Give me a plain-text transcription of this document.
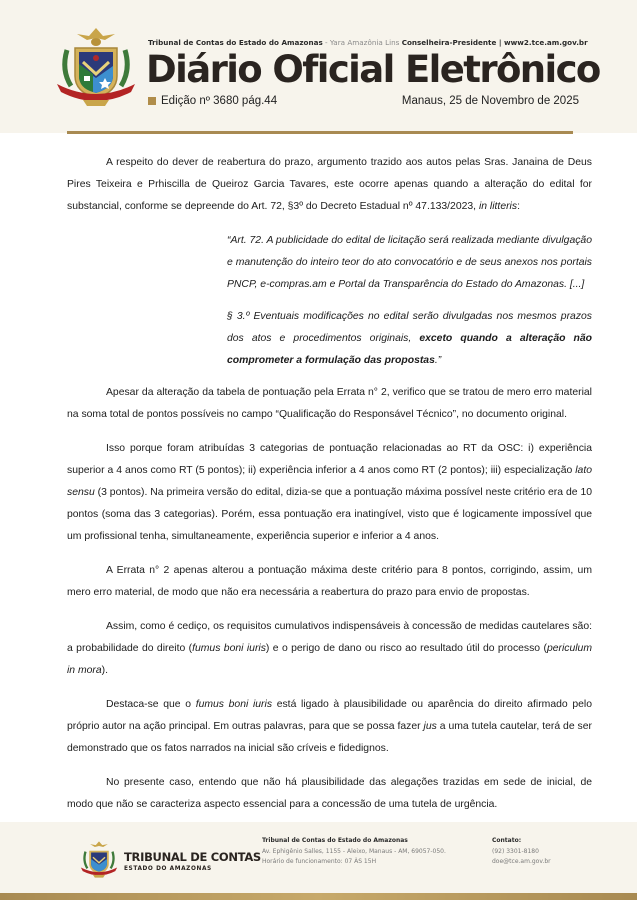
Tribunal de Contas do Estado do Amazonas - Yara Amazônia Lins Conselheira-Presidente | www2.tce.am.gov.br
Diário Oficial Eletrônico
Edição nº 3680 pág.44	Manaus, 25 de Novembro de 2025

A respeito do dever de reabertura do prazo, argumento trazido aos autos pelas Sras. Janaina de Deus Pires Teixeira e Prhiscilla de Queiroz Garcia Tavares, este ocorre apenas quando a alteração do edital for substancial, conforme se depreende do Art. 72, §3º do Decreto Estadual nº 47.133/2023, in litteris:

“Art. 72. A publicidade do edital de licitação será realizada mediante divulgação e manutenção do inteiro teor do ato convocatório e de seus anexos nos portais PNCP, e-compras.am e Portal da Transparência do Estado do Amazonas. [...]

§ 3.º Eventuais modificações no edital serão divulgadas nos mesmos prazos dos atos e procedimentos originais, exceto quando a alteração não comprometer a formulação das propostas.”

Apesar da alteração da tabela de pontuação pela Errata n° 2, verifico que se tratou de mero erro material na soma total de pontos possíveis no campo “Qualificação do Responsável Técnico”, no documento original.

Isso porque foram atribuídas 3 categorias de pontuação relacionadas ao RT da OSC: i) experiência superior a 4 anos como RT (5 pontos); ii) experiência inferior a 4 anos como RT (2 pontos); iii) especialização lato sensu (3 pontos). Na primeira versão do edital, dizia-se que a pontuação máxima possível neste critério era de 10 pontos (soma das 3 categorias). Porém, essa pontuação era inatingível, visto que é logicamente impossível que um profissional tenha, simultaneamente, experiência superior e inferior a 4 anos.

A Errata n° 2 apenas alterou a pontuação máxima deste critério para 8 pontos, corrigindo, assim, um mero erro material, de modo que não era necessária a reabertura do prazo para envio de propostas.

Assim, como é cediço, os requisitos cumulativos indispensáveis à concessão de medidas cautelares são: a probabilidade do direito (fumus boni iuris) e o perigo de dano ou risco ao resultado útil do processo (periculum in mora).

Destaca-se que o fumus boni iuris está ligado à plausibilidade ou aparência do direito afirmado pelo próprio autor na ação principal. Em outras palavras, para que se possa fazer jus a uma tutela cautelar, terá de ser demonstrado que os fatos narrados na inicial são críveis e fidedignos.

No presente caso, entendo que não há plausibilidade das alegações trazidas em sede de inicial, de modo que não se caracteriza aspecto essencial para a concessão de uma tutela de urgência.

TRIBUNAL DE CONTAS
ESTADO DO AMAZONAS
Tribunal de Contas do Estado do Amazonas
Av. Ephigênio Salles, 1155 - Aleixo, Manaus - AM, 69057-050.
Horário de funcionamento: 07 ÀS 15H
Contato:
(92) 3301-8180
doe@tce.am.gov.br
